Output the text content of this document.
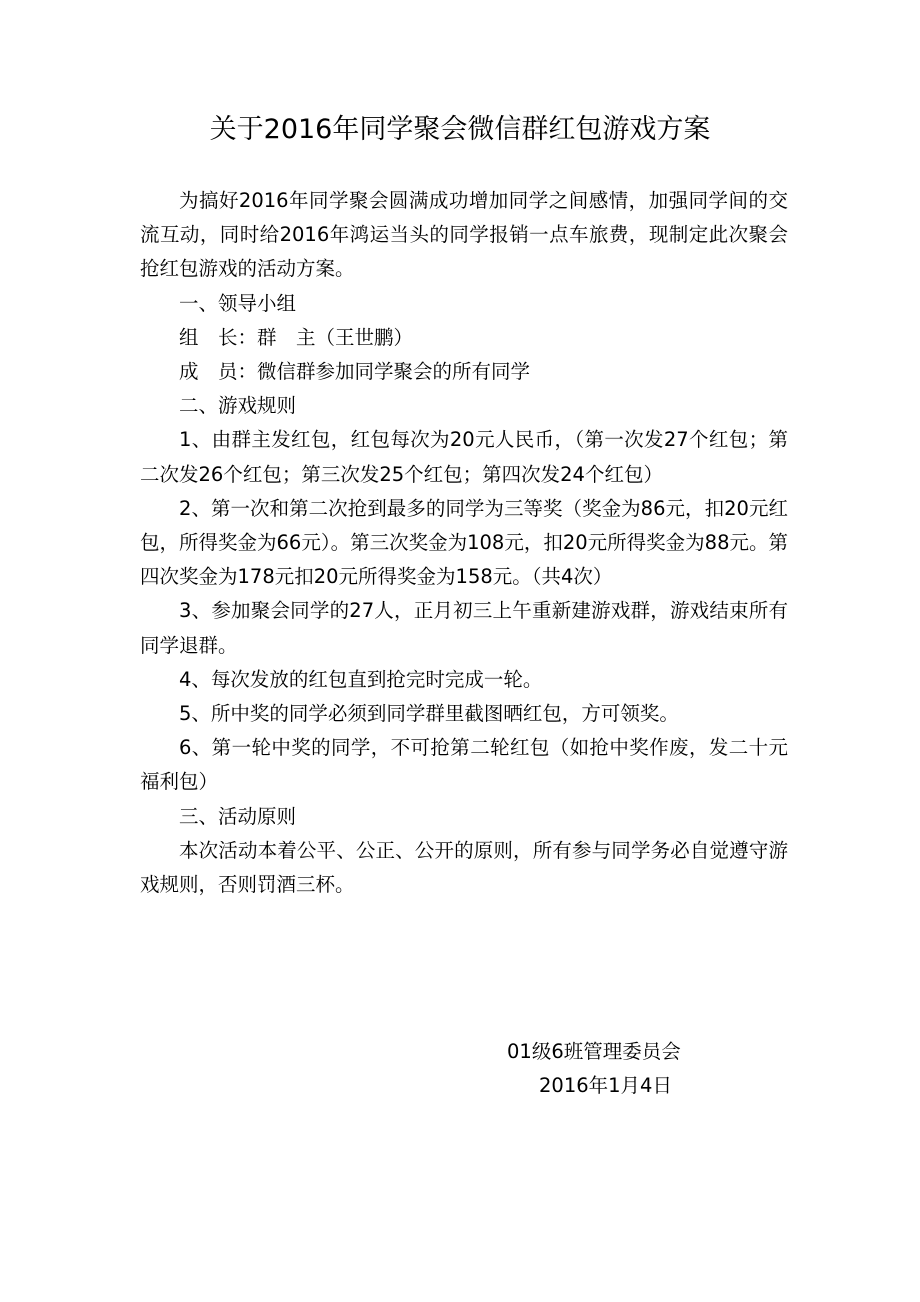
关于2016年同学聚会微信群红包游戏方案

为搞好2016年同学聚会圆满成功增加同学之间感情，加强同学间的交流互动，同时给2016年鸿运当头的同学报销一点车旅费，现制定此次聚会抢红包游戏的活动方案。

一、领导小组

组　长：群　主（王世鹏）

成　员：微信群参加同学聚会的所有同学

二、游戏规则

1、由群主发红包，红包每次为20元人民币，（第一次发27个红包；第二次发26个红包；第三次发25个红包；第四次发24个红包）

2、第一次和第二次抢到最多的同学为三等奖（奖金为86元，扣20元红包，所得奖金为66元）。第三次奖金为108元，扣20元所得奖金为88元。第四次奖金为178元扣20元所得奖金为158元。（共4次）

3、参加聚会同学的27人，正月初三上午重新建游戏群，游戏结束所有同学退群。

4、每次发放的红包直到抢完时完成一轮。

5、所中奖的同学必须到同学群里截图晒红包，方可领奖。

6、第一轮中奖的同学，不可抢第二轮红包（如抢中奖作废，发二十元福利包）

三、活动原则

本次活动本着公平、公正、公开的原则，所有参与同学务必自觉遵守游戏规则，否则罚酒三杯。

01级6班管理委员会
2016年1月4日
